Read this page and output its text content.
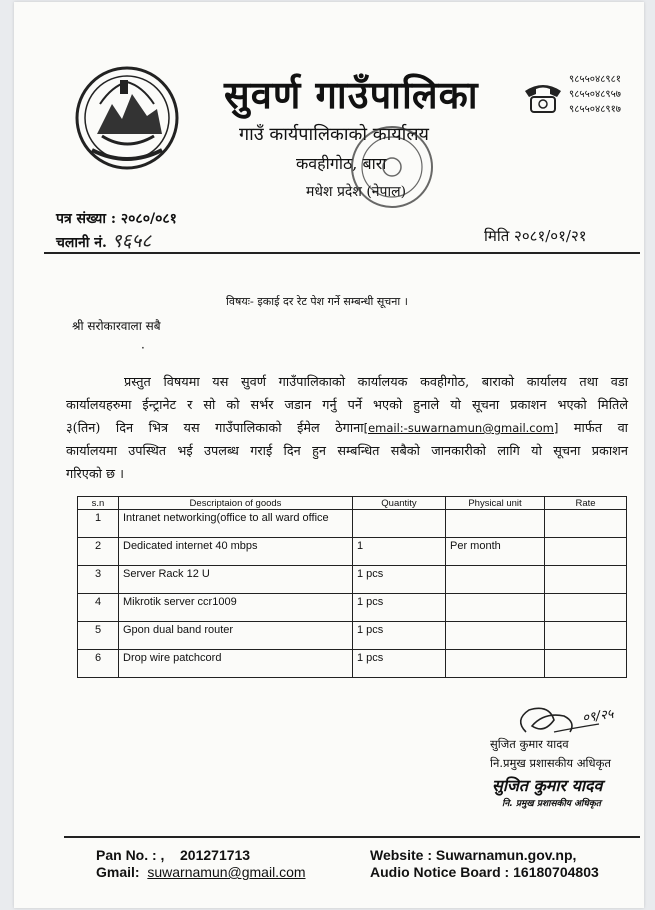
सुवर्ण गाउँपालिका
गाउँ कार्यपालिकाको कार्यालय
कवहीगोठ, बारा
मधेश प्रदेश (नेपाल)
९८५५०४८९८१
९८५५०४८९५७
९८५५०४८९१७
पत्र संख्या : २०८०/०८१
चलानी नं. ९६५८	मिति २०८१/०१/२१
विषयः- इकाई दर रेट पेश गर्ने सम्बन्धी सूचना ।
श्री सरोकारवाला सबै
·
प्रस्तुत विषयमा यस सुवर्ण गाउँपालिकाको कार्यालयक कवहीगोठ, बाराको कार्यालय तथा वडा
कार्यालयहरुमा ईन्ट्रानेट र सो को सर्भर जडान गर्नु पर्ने भएको हुनाले यो सूचना प्रकाशन भएको मितिले
३(तिन) दिन भित्र यस गाउँपालिकाको ईमेल ठेगाना[email:-suwarnamun@gmail.com] मार्फत वा
कार्यालयमा उपस्थित भई उपलब्ध गराई दिन हुन सम्बन्धित सबैको जानकारीको लागि यो सूचना प्रकाशन
गरिएको छ ।
s.n	Descriptaion of goods	Quantity	Physical unit	Rate
1	Intranet networking(office to all ward office			
2	Dedicated internet 40 mbps	1	Per month	
3	Server Rack 12 U	1 pcs		
4	Mikrotik server ccr1009	1 pcs		
5	Gpon dual band router	1 pcs		
6	Drop wire patchcord	1 pcs		
०९/२५
सुजित कुमार यादव
नि.प्रमुख प्रशासकीय अधिकृत
सुजित कुमार यादव
नि. प्रमुख प्रशासकीय अधिकृत
Pan No. : , 201271713
Gmail:  suwarnamun@gmail.com
Website : Suwarnamun.gov.np,
Audio Notice Board : 16180704803
